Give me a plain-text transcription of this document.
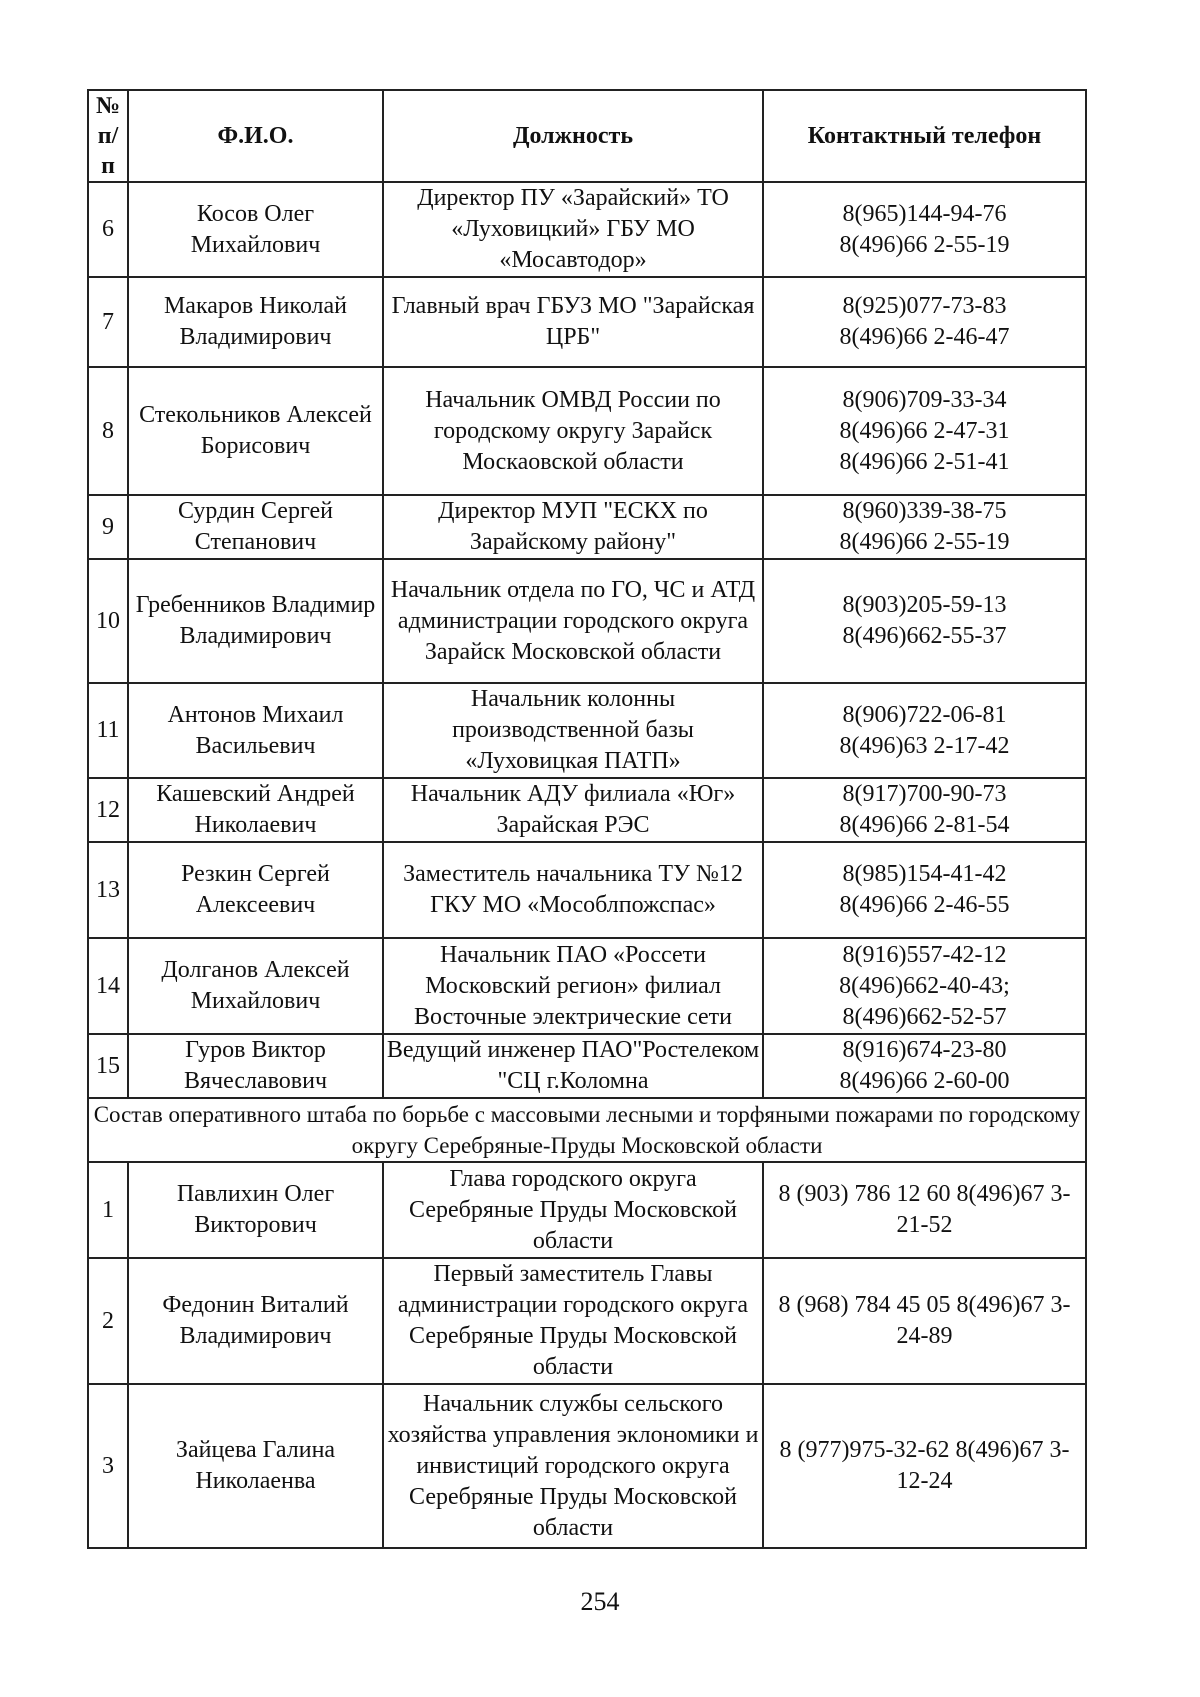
№ п/ п	Ф.И.О.	Должность	Контактный телефон
6	Косов Олег Михайлович	Директор ПУ «Зарайский» ТО «Луховицкий» ГБУ МО «Мосавтодор»	8(965)144-94-76
8(496)66 2-55-19

7	Макаров Николай Владимирович	Главный врач ГБУЗ МО "Зарайская ЦРБ"	8(925)077-73-83
8(496)66 2-46-47

8	Стекольников Алексей Борисович	Начальник ОМВД России по городскому округу Зарайск Москаовской области	8(906)709-33-34
8(496)66 2-47-31
8(496)66 2-51-41

9	Сурдин Сергей Степанович	Директор МУП "ЕСКХ по Зарайскому району"	8(960)339-38-75
8(496)66 2-55-19

10	Гребенников Владимир Владимирович	Начальник отдела по ГО, ЧС и АТД администрации городского округа Зарайск Московской области	8(903)205-59-13
8(496)662-55-37

11	Антонов Михаил Васильевич	Начальник колонны производственной базы «Луховицкая ПАТП»	8(906)722-06-81
8(496)63 2-17-42

12	Кашевский Андрей Николаевич	Начальник АДУ филиала «Юг» Зарайская РЭС	8(917)700-90-73
8(496)66 2-81-54

13	Резкин Сергей Алексеевич	Заместитель начальника ТУ №12 ГКУ МО «Мособлпожспас»	8(985)154-41-42
8(496)66 2-46-55

14	Долганов Алексей Михайлович	Начальник ПАО «Россети Московский регион» филиал Восточные электрические сети	8(916)557-42-12
8(496)662-40-43;
8(496)662-52-57

15	Гуров Виктор Вячеславович	Ведущий инженер ПАО"Ростелеком "СЦ г.Коломна	8(916)674-23-80
8(496)66 2-60-00

Состав оперативного штаба по борьбе с массовыми лесными и торфяными пожарами по городскому округу Серебряные-Пруды Московской области			
1	Павлихин Олег Викторович	Глава городского округа Серебряные Пруды Московской области	8 (903) 786 12 60 8(496)67 3-21-52

2	Федонин Виталий Владимирович	Первый заместитель Главы администрации городского округа Серебряные Пруды Московской области	8 (968) 784 45 05 8(496)67 3-24-89

3	Зайцева Галина Николаенва	Начальник службы сельского хозяйства управления эклономики и инвистиций городского округа Серебряные Пруды Московской области	8 (977)975-32-62 8(496)67 3-12-24
254
